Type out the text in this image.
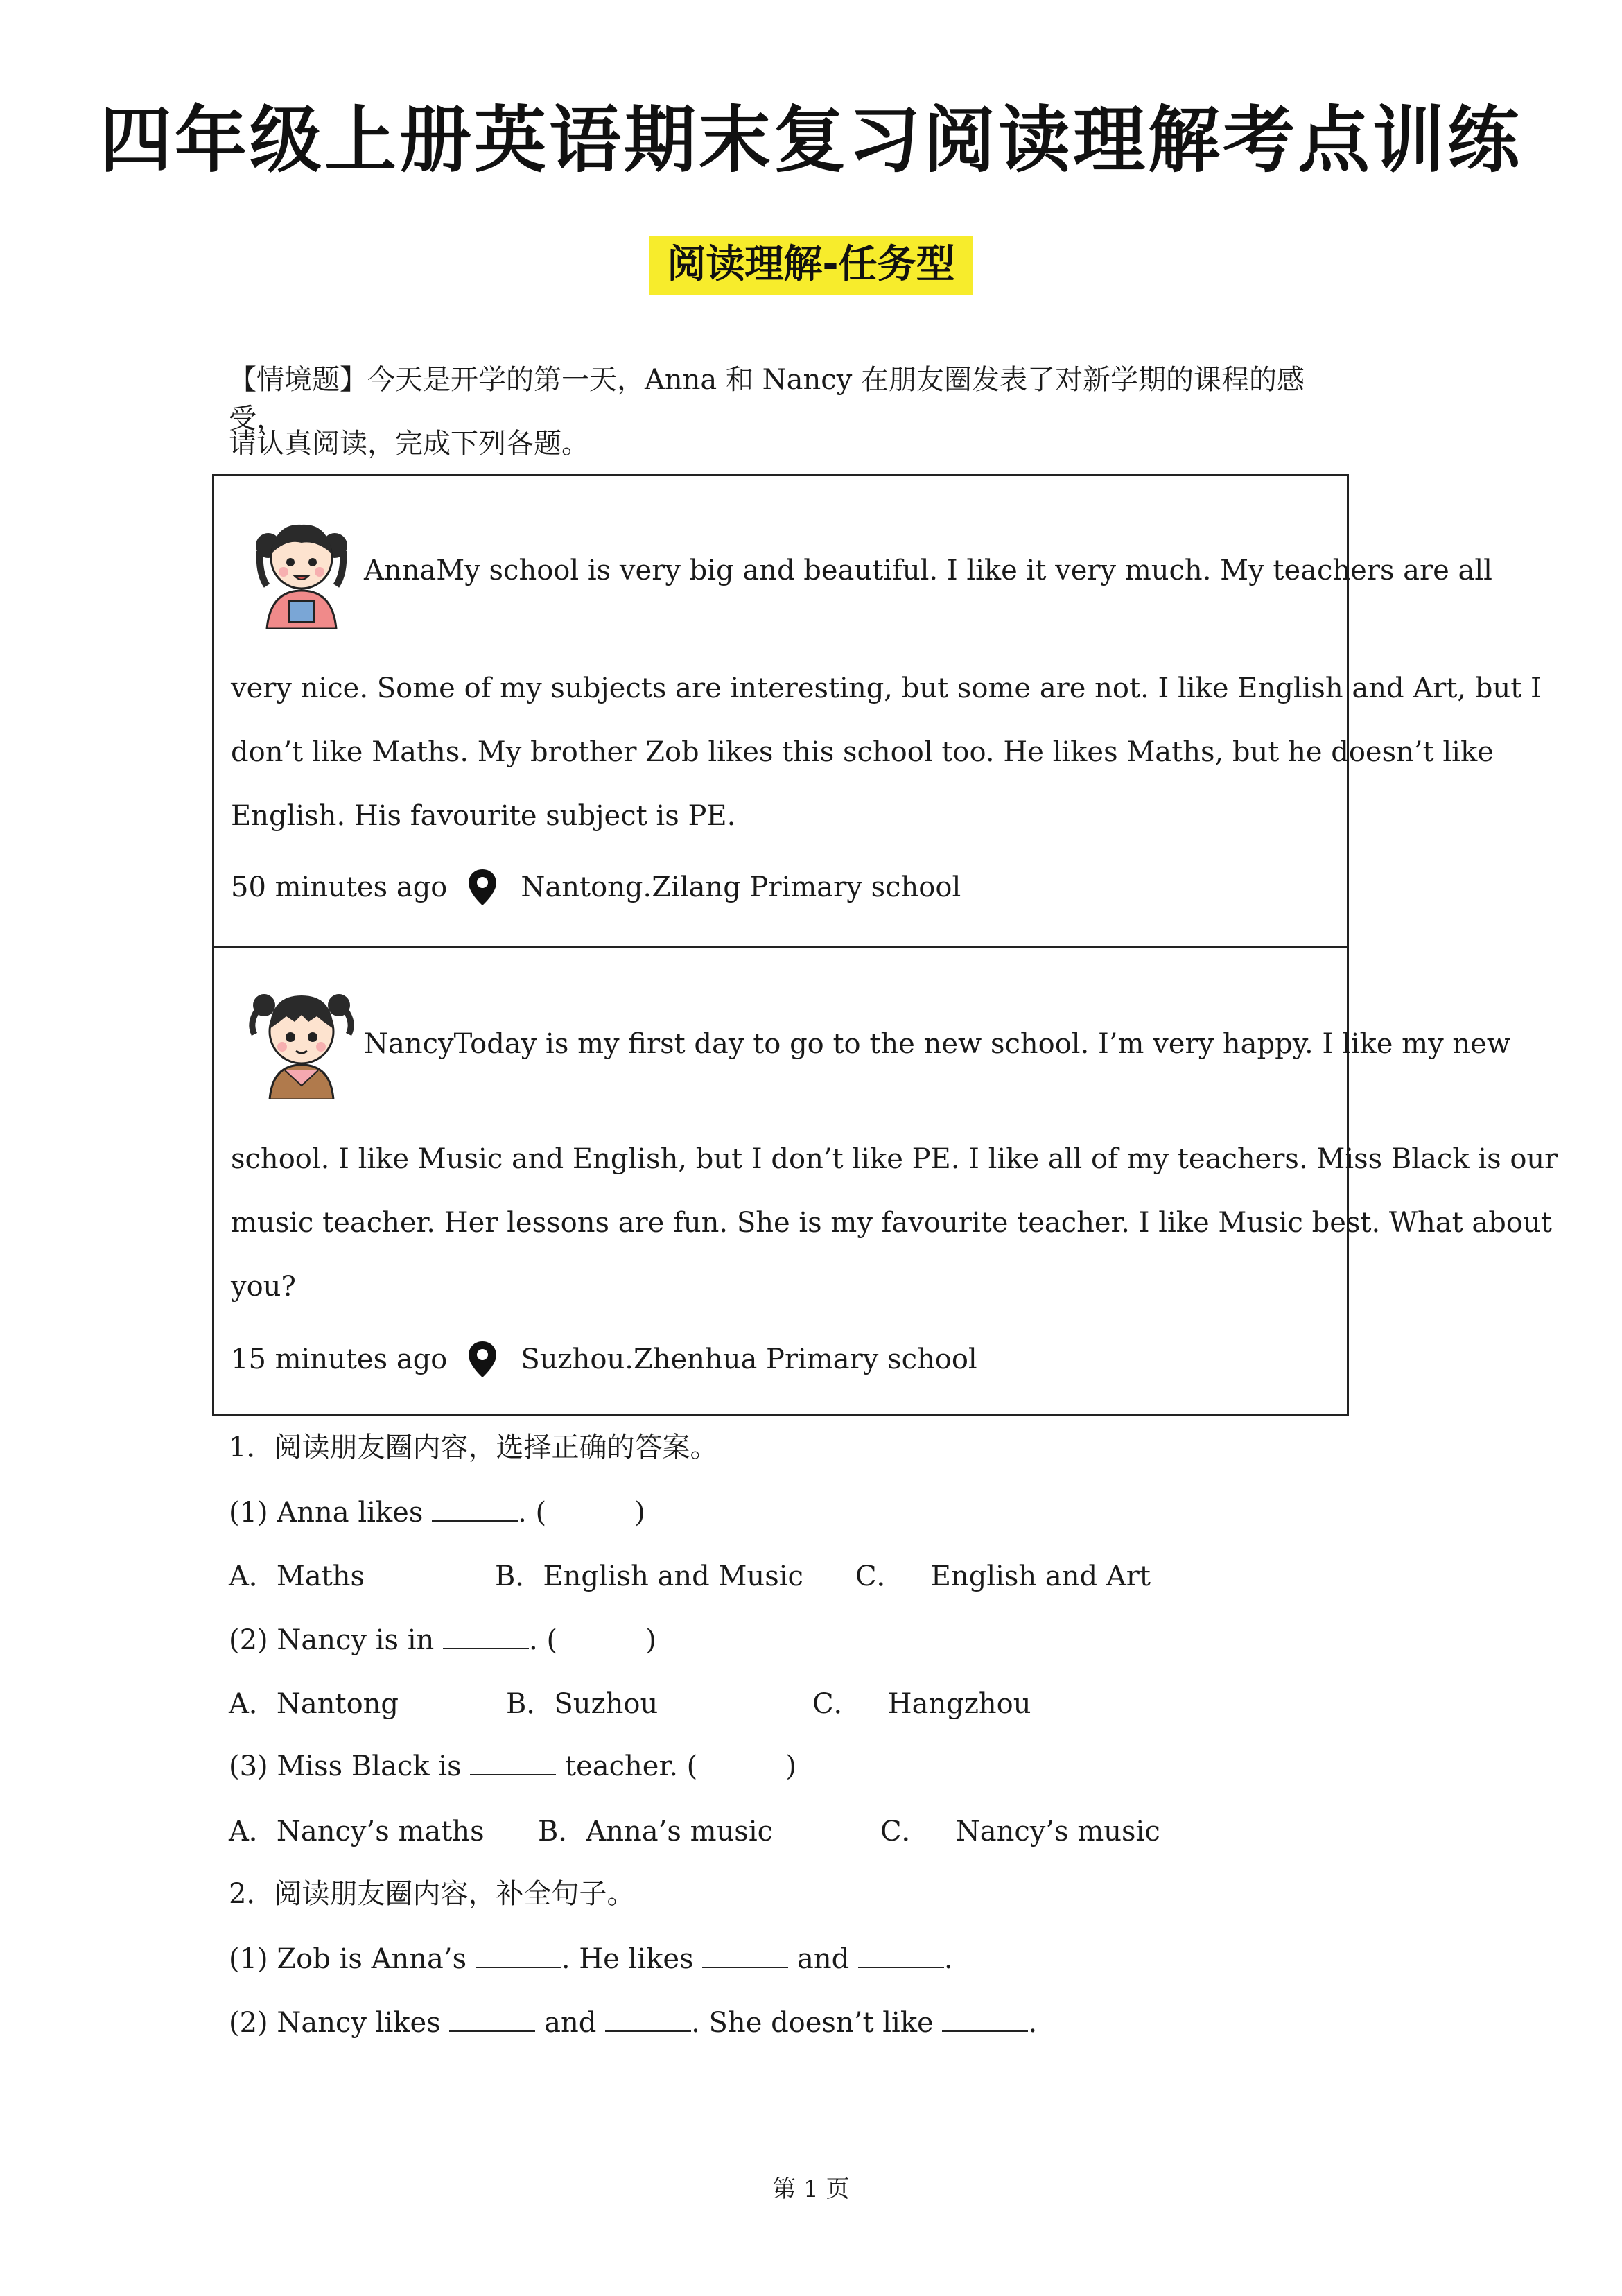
四年级上册英语期末复习阅读理解考点训练
阅读理解-任务型
【情境题】今天是开学的第一天，Anna 和 Nancy 在朋友圈发表了对新学期的课程的感受，
请认真阅读，完成下列各题。
AnnaMy school is very big and beautiful. I like it very much. My teachers are all
very nice. Some of my subjects are interesting, but some are not. I like English and Art, but I
don’t like Maths. My brother Zob likes this school too. He likes Maths, but he doesn’t like
English. His favourite subject is PE.
50 minutes ago	Nantong.Zilang Primary school
NancyToday is my first day to go to the new school. I’m very happy. I like my new
school. I like Music and English, but I don’t like PE. I like all of my teachers. Miss Black is our
music teacher. Her lessons are fun. She is my favourite teacher. I like Music best. What about
you?
15 minutes ago	Suzhou.Zhenhua Primary school
1．阅读朋友圈内容，选择正确的答案。
(1) Anna likes	. (          )
A．Maths	B．English and Music C．   English and Art
(2) Nancy is in	. (          )
A．Nantong	B．Suzhou	C．   Hangzhou
(3) Miss Black is	teacher. (          )
A．Nancy’s maths B．Anna’s music	C．   Nancy’s music
2．阅读朋友圈内容，补全句子。
(1) Zob is Anna’s	. He likes	and	.
(2) Nancy likes	and	. She doesn’t like	.
第 1 页
